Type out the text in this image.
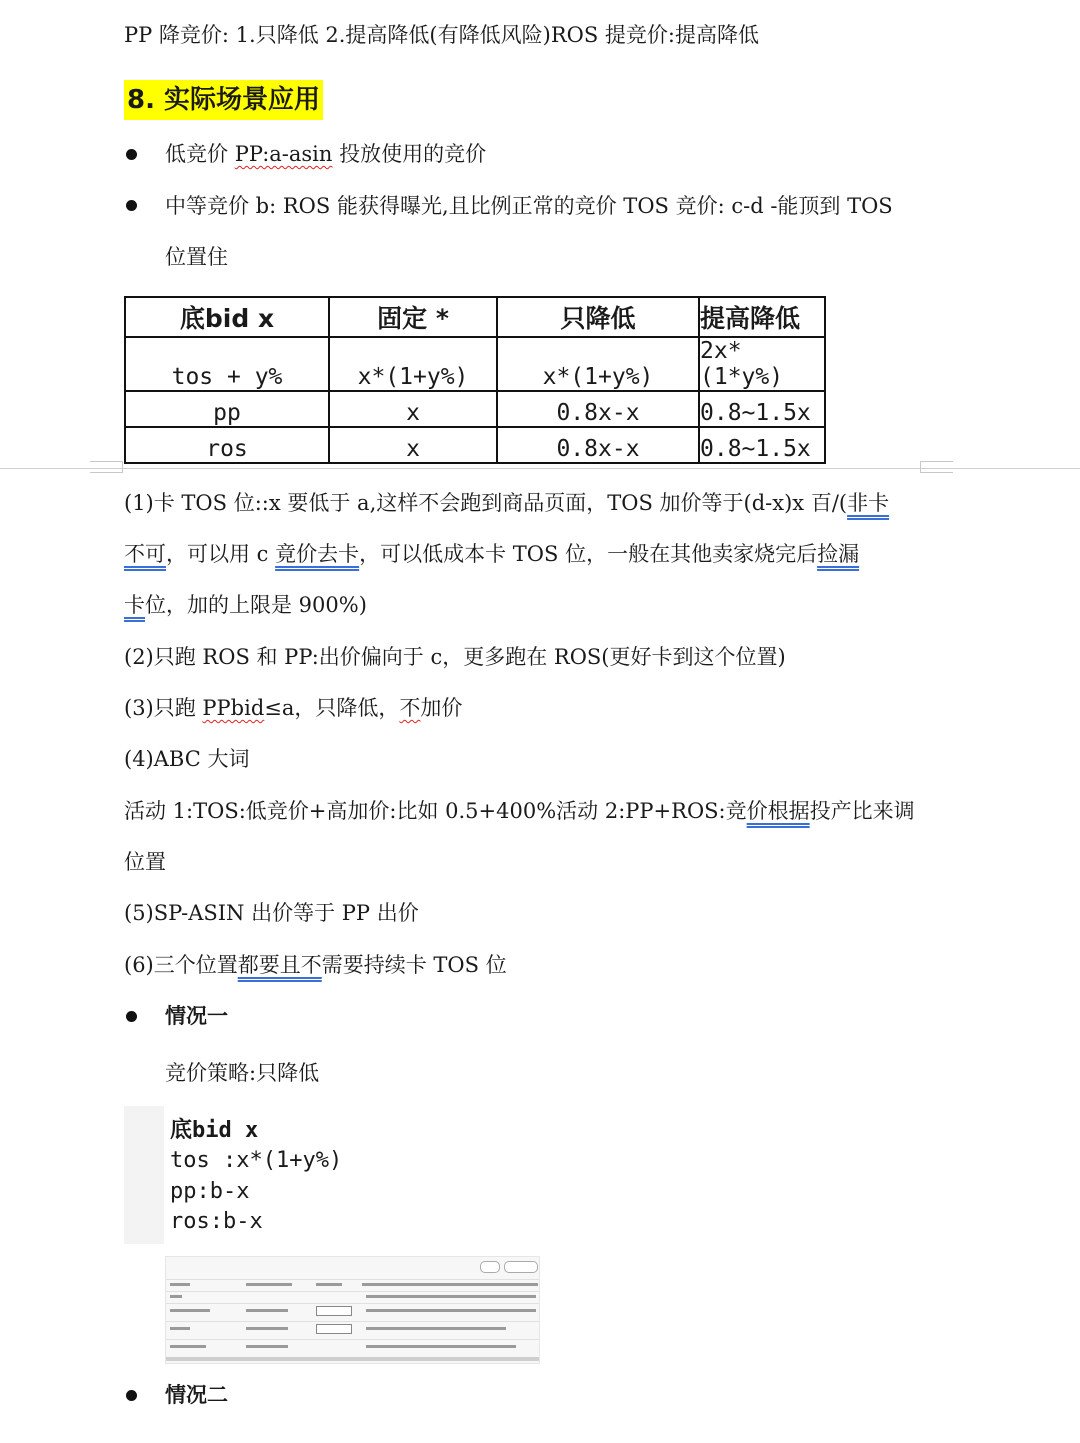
PP 降竞价: 1.只降低 2.提高降低(有降低风险)ROS 提竞价:提高降低
8. 实际场景应用
低竞价 PP:a-asin 投放使用的竞价
中等竞价 b: ROS 能获得曝光,且比例正常的竞价 TOS 竞价: c-d -能顶到 TOS
位置住
底bid x	固定 *	只降低	提高降低
tos + y%	x*(1+y%)	x*(1+y%)	2x*(1*y%)
pp	x	0.8x-x	0.8~1.5x
ros	x	0.8x-x	0.8~1.5x
(1)卡 TOS 位::x 要低于 a,这样不会跑到商品页面，TOS 加价等于(d-x)x 百/(非卡
不可，可以用 c 竟价去卡，可以低成本卡 TOS 位，一般在其他卖家烧完后捡漏
卡位，加的上限是 900%)
(2)只跑 ROS 和 PP:出价偏向于 c，更多跑在 ROS(更好卡到这个位置)
(3)只跑 PPbid≤a，只降低，不加价
(4)ABC 大词
活动 1:TOS:低竞价+高加价:比如 0.5+400%活动 2:PP+ROS:竞价根据投产比来调
位置
(5)SP-ASIN 出价等于 PP 出价
(6)三个位置都要且不需要持续卡 TOS 位
情况一
竞价策略:只降低
底bid x
tos :x*(1+y%)
pp:b-x
ros:b-x
情况二
